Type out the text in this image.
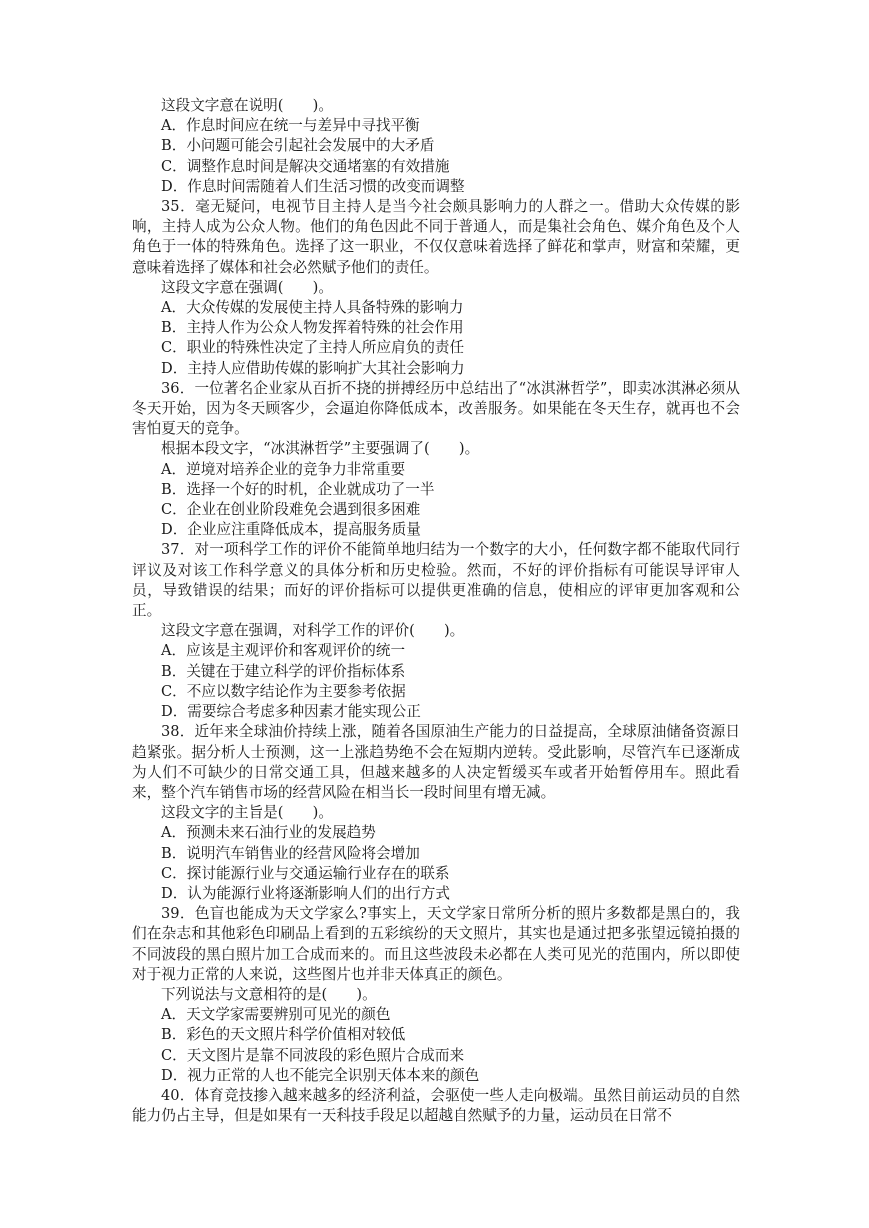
这段文字意在说明(　　)。

A．作息时间应在统一与差异中寻找平衡

B．小问题可能会引起社会发展中的大矛盾

C．调整作息时间是解决交通堵塞的有效措施

D．作息时间需随着人们生活习惯的改变而调整

35．毫无疑问，电视节目主持人是当今社会颇具影响力的人群之一。借助大众传媒的影响，主持人成为公众人物。他们的角色因此不同于普通人，而是集社会角色、媒介角色及个人角色于一体的特殊角色。选择了这一职业，不仅仅意味着选择了鲜花和掌声，财富和荣耀，更意味着选择了媒体和社会必然赋予他们的责任。

这段文字意在强调(　　)。

A．大众传媒的发展使主持人具备特殊的影响力

B．主持人作为公众人物发挥着特殊的社会作用

C．职业的特殊性决定了主持人所应肩负的责任

D．主持人应借助传媒的影响扩大其社会影响力

36．一位著名企业家从百折不挠的拼搏经历中总结出了“冰淇淋哲学”，即卖冰淇淋必须从冬天开始，因为冬天顾客少，会逼迫你降低成本，改善服务。如果能在冬天生存，就再也不会害怕夏天的竞争。

根据本段文字，“冰淇淋哲学”主要强调了(　　)。

A．逆境对培养企业的竞争力非常重要

B．选择一个好的时机，企业就成功了一半

C．企业在创业阶段难免会遇到很多困难

D．企业应注重降低成本，提高服务质量

37．对一项科学工作的评价不能简单地归结为一个数字的大小，任何数字都不能取代同行评议及对该工作科学意义的具体分析和历史检验。然而，不好的评价指标有可能误导评审人员，导致错误的结果；而好的评价指标可以提供更准确的信息，使相应的评审更加客观和公正。

这段文字意在强调，对科学工作的评价(　　)。

A．应该是主观评价和客观评价的统一

B．关键在于建立科学的评价指标体系

C．不应以数字结论作为主要参考依据

D．需要综合考虑多种因素才能实现公正

38．近年来全球油价持续上涨，随着各国原油生产能力的日益提高，全球原油储备资源日趋紧张。据分析人士预测，这一上涨趋势绝不会在短期内逆转。受此影响，尽管汽车已逐渐成为人们不可缺少的日常交通工具，但越来越多的人决定暂缓买车或者开始暂停用车。照此看来，整个汽车销售市场的经营风险在相当长一段时间里有增无减。

这段文字的主旨是(　　)。

A．预测未来石油行业的发展趋势

B．说明汽车销售业的经营风险将会增加

C．探讨能源行业与交通运输行业存在的联系

D．认为能源行业将逐渐影响人们的出行方式

39．色盲也能成为天文学家么?事实上，天文学家日常所分析的照片多数都是黑白的，我们在杂志和其他彩色印刷品上看到的五彩缤纷的天文照片，其实也是通过把多张望远镜拍摄的不同波段的黑白照片加工合成而来的。而且这些波段未必都在人类可见光的范围内，所以即使对于视力正常的人来说，这些图片也并非天体真正的颜色。

下列说法与文意相符的是(　　)。

A．天文学家需要辨别可见光的颜色

B．彩色的天文照片科学价值相对较低

C．天文图片是靠不同波段的彩色照片合成而来

D．视力正常的人也不能完全识别天体本来的颜色

40．体育竞技掺入越来越多的经济利益，会驱使一些人走向极端。虽然目前运动员的自然能力仍占主导，但是如果有一天科技手段足以超越自然赋予的力量，运动员在日常不
